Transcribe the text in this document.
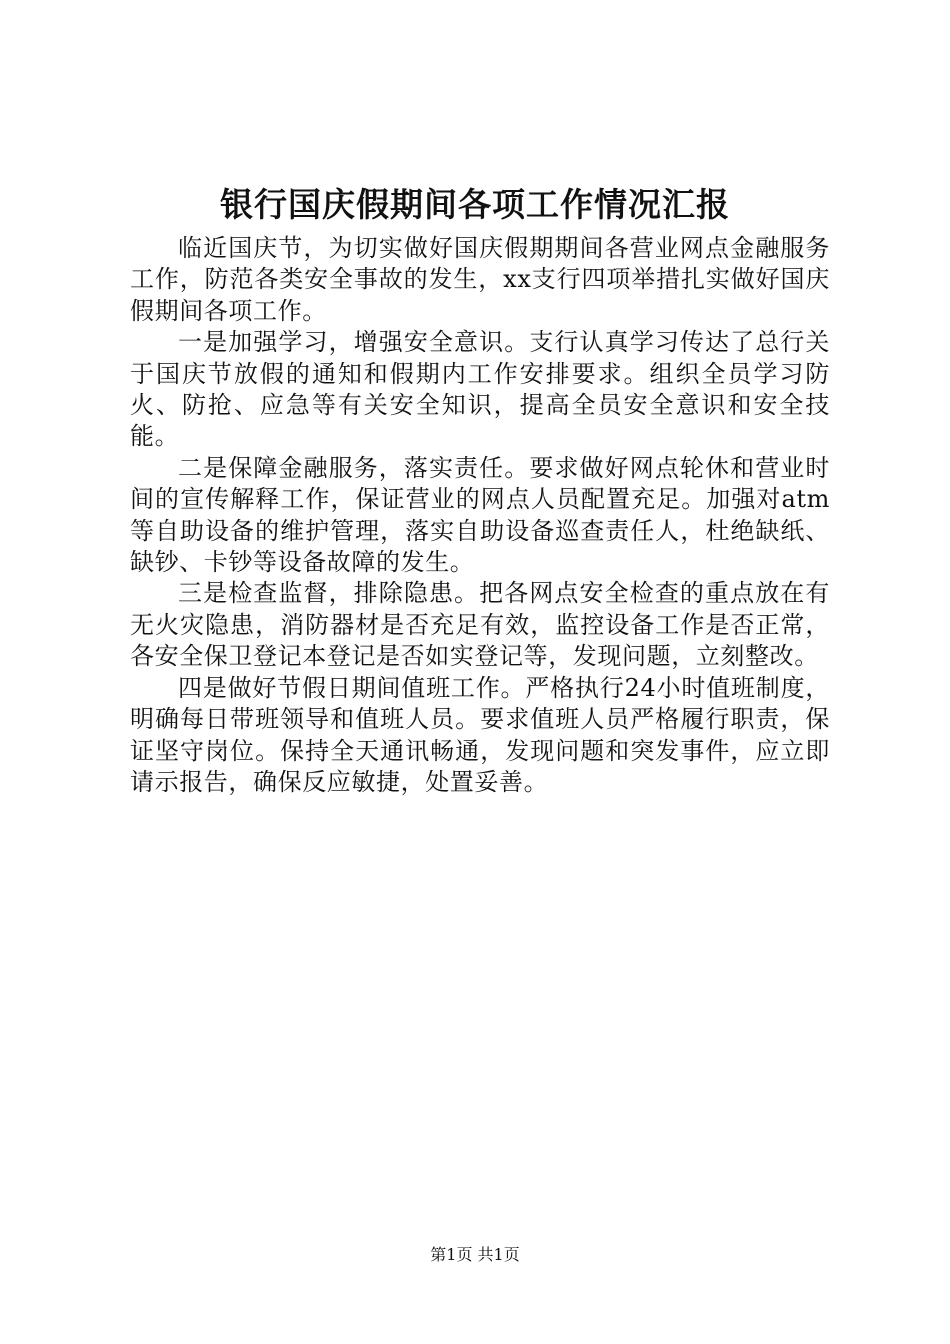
银行国庆假期间各项工作情况汇报

临近国庆节，为切实做好国庆假期期间各营业网点金融服务工作，防范各类安全事故的发生，xx支行四项举措扎实做好国庆假期间各项工作。

一是加强学习，增强安全意识。支行认真学习传达了总行关于国庆节放假的通知和假期内工作安排要求。组织全员学习防火、防抢、应急等有关安全知识，提高全员安全意识和安全技能。

二是保障金融服务，落实责任。要求做好网点轮休和营业时间的宣传解释工作，保证营业的网点人员配置充足。加强对atm等自助设备的维护管理，落实自助设备巡查责任人，杜绝缺纸、缺钞、卡钞等设备故障的发生。

三是检查监督，排除隐患。把各网点安全检查的重点放在有无火灾隐患，消防器材是否充足有效，监控设备工作是否正常，各安全保卫登记本登记是否如实登记等，发现问题，立刻整改。

四是做好节假日期间值班工作。严格执行24小时值班制度，明确每日带班领导和值班人员。要求值班人员严格履行职责，保证坚守岗位。保持全天通讯畅通，发现问题和突发事件，应立即请示报告，确保反应敏捷，处置妥善。

第1页 共1页
